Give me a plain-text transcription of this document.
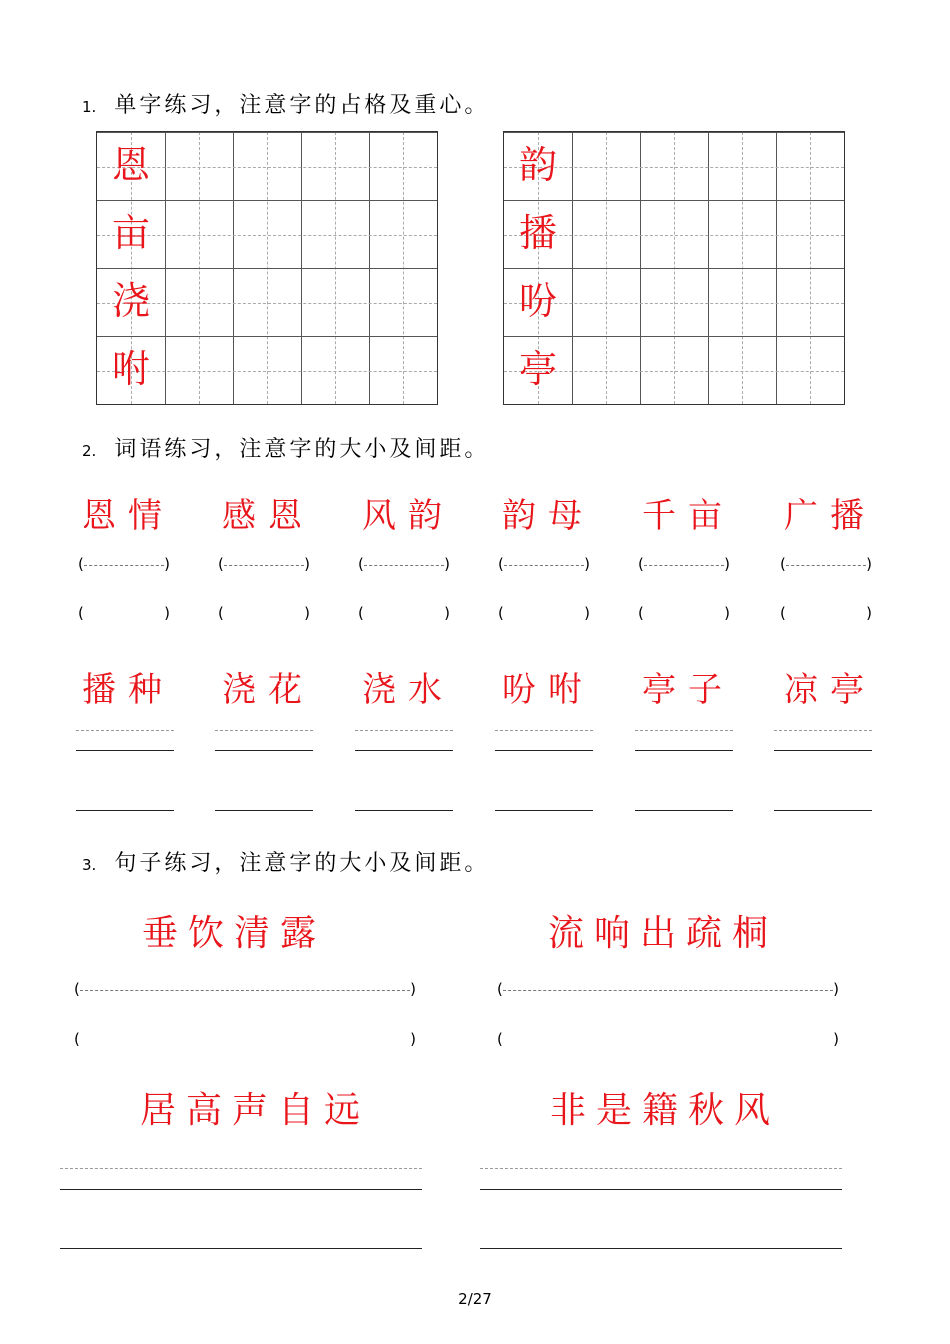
1. 单字练习，注意字的占格及重心。
恩
亩
浇
咐
韵
播
吩
亭
2. 词语练习，注意字的大小及间距。
恩情
(	)
(	)
感恩
(	)
(	)
风韵
(	)
(	)
韵母
(	)
(	)
千亩
(	)
(	)
广播
(	)
(	)
播种 浇花 浇水 吩咐 亭子 凉亭
3. 句子练习，注意字的大小及间距。
垂饮清露	流响出疏桐
(	)	(	)
(	)	(	)
居高声自远	非是籍秋风
2/27
